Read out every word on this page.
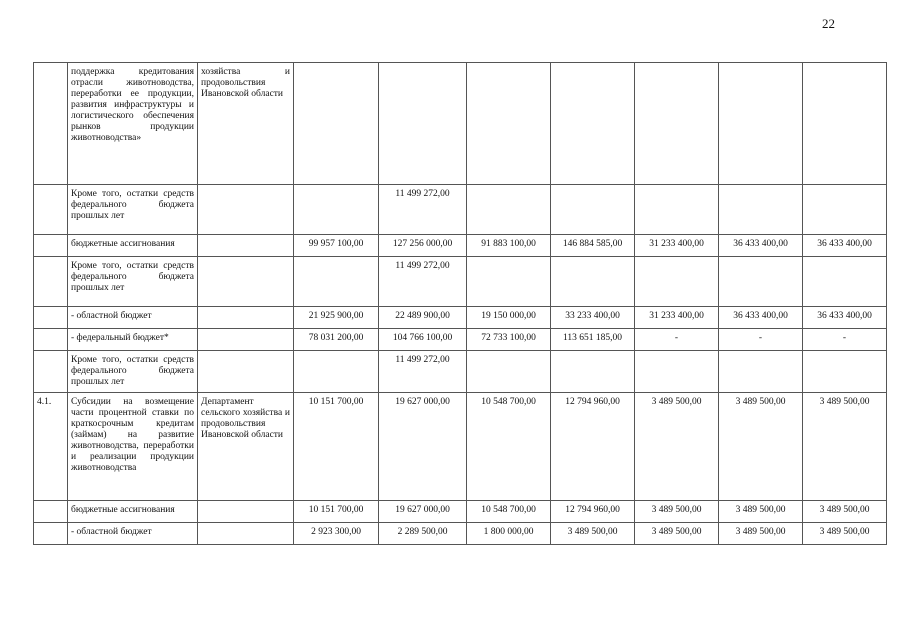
22
	поддержка кредитования отрасли животноводства, переработки ее продукции, развития инфраструктуры и логистического обеспечения рынков продукции животноводства»	хозяйства и продовольствия Ивановской области							
	Кроме того, остатки средств федерального бюджета прошлых лет			11 499 272,00					
	бюджетные ассигнования		99 957 100,00	127 256 000,00	91 883 100,00	146 884 585,00	31 233 400,00	36 433 400,00	36 433 400,00
	Кроме того, остатки средств федерального бюджета прошлых лет			11 499 272,00					
	- областной бюджет		21 925 900,00	22 489 900,00	19 150 000,00	33 233 400,00	31 233 400,00	36 433 400,00	36 433 400,00
	- федеральный бюджет*		78 031 200,00	104 766 100,00	72 733 100,00	113 651 185,00	-	-	-
	Кроме того, остатки средств федерального бюджета прошлых лет			11 499 272,00					
4.1.	Субсидии на возмещение части процентной ставки по краткосрочным кредитам (займам) на развитие животноводства, переработки и реализации продукции животноводства	Департамент сельского хозяйства и продовольствия Ивановской области	10 151 700,00	19 627 000,00	10 548 700,00	12 794 960,00	3 489 500,00	3 489 500,00	3 489 500,00
	бюджетные ассигнования		10 151 700,00	19 627 000,00	10 548 700,00	12 794 960,00	3 489 500,00	3 489 500,00	3 489 500,00
	- областной бюджет		2 923 300,00	2 289 500,00	1 800 000,00	3 489 500,00	3 489 500,00	3 489 500,00	3 489 500,00
